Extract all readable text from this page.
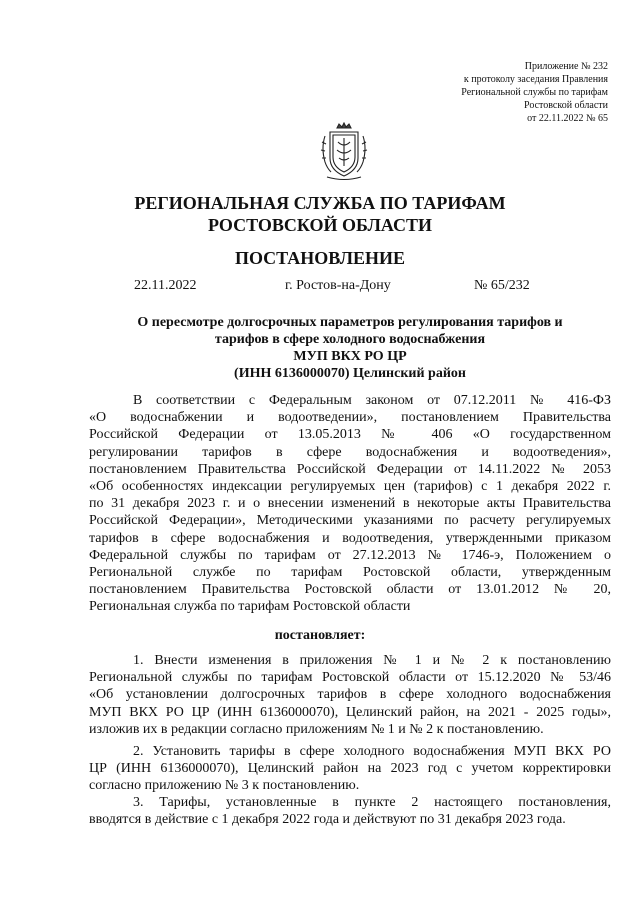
Приложение № 232
к протоколу заседания Правления
Региональной службы по тарифам
Ростовской области
от 22.11.2022 № 65
РЕГИОНАЛЬНАЯ СЛУЖБА ПО ТАРИФАМ
РОСТОВСКОЙ ОБЛАСТИ
ПОСТАНОВЛЕНИЕ
22.11.2022	г. Ростов-на-Дону	№ 65/232
О пересмотре долгосрочных параметров регулирования тарифов и
тарифов в сфере холодного водоснабжения
МУП ВКХ РО ЦР
(ИНН 6136000070) Целинский район
В соответствии с Федеральным законом от 07.12.2011 № 416-ФЗ
«О водоснабжении и водоотведении», постановлением Правительства
Российской Федерации от 13.05.2013 № 406 «О государственном
регулировании тарифов в сфере водоснабжения и водоотведения»,
постановлением Правительства Российской Федерации от 14.11.2022 № 2053
«Об особенностях индексации регулируемых цен (тарифов) с 1 декабря 2022 г.
по 31 декабря 2023 г. и о внесении изменений в некоторые акты Правительства
Российской Федерации», Методическими указаниями по расчету регулируемых
тарифов в сфере водоснабжения и водоотведения, утвержденными приказом
Федеральной службы по тарифам от 27.12.2013 № 1746-э, Положением о
Региональной службе по тарифам Ростовской области, утвержденным
постановлением Правительства Ростовской области от 13.01.2012 № 20,
Региональная служба по тарифам Ростовской области
постановляет:
1. Внести изменения в приложения № 1 и № 2 к постановлению
Региональной службы по тарифам Ростовской области от 15.12.2020 № 53/46
«Об установлении долгосрочных тарифов в сфере холодного водоснабжения
МУП ВКХ РО ЦР (ИНН 6136000070), Целинский район, на 2021 - 2025 годы»,
изложив их в редакции согласно приложениям № 1 и № 2 к постановлению.
2. Установить тарифы в сфере холодного водоснабжения МУП ВКХ РО
ЦР (ИНН 6136000070), Целинский район на 2023 год с учетом корректировки
согласно приложению № 3 к постановлению.
3. Тарифы, установленные в пункте 2 настоящего постановления,
вводятся в действие с 1 декабря 2022 года и действуют по 31 декабря 2023 года.
